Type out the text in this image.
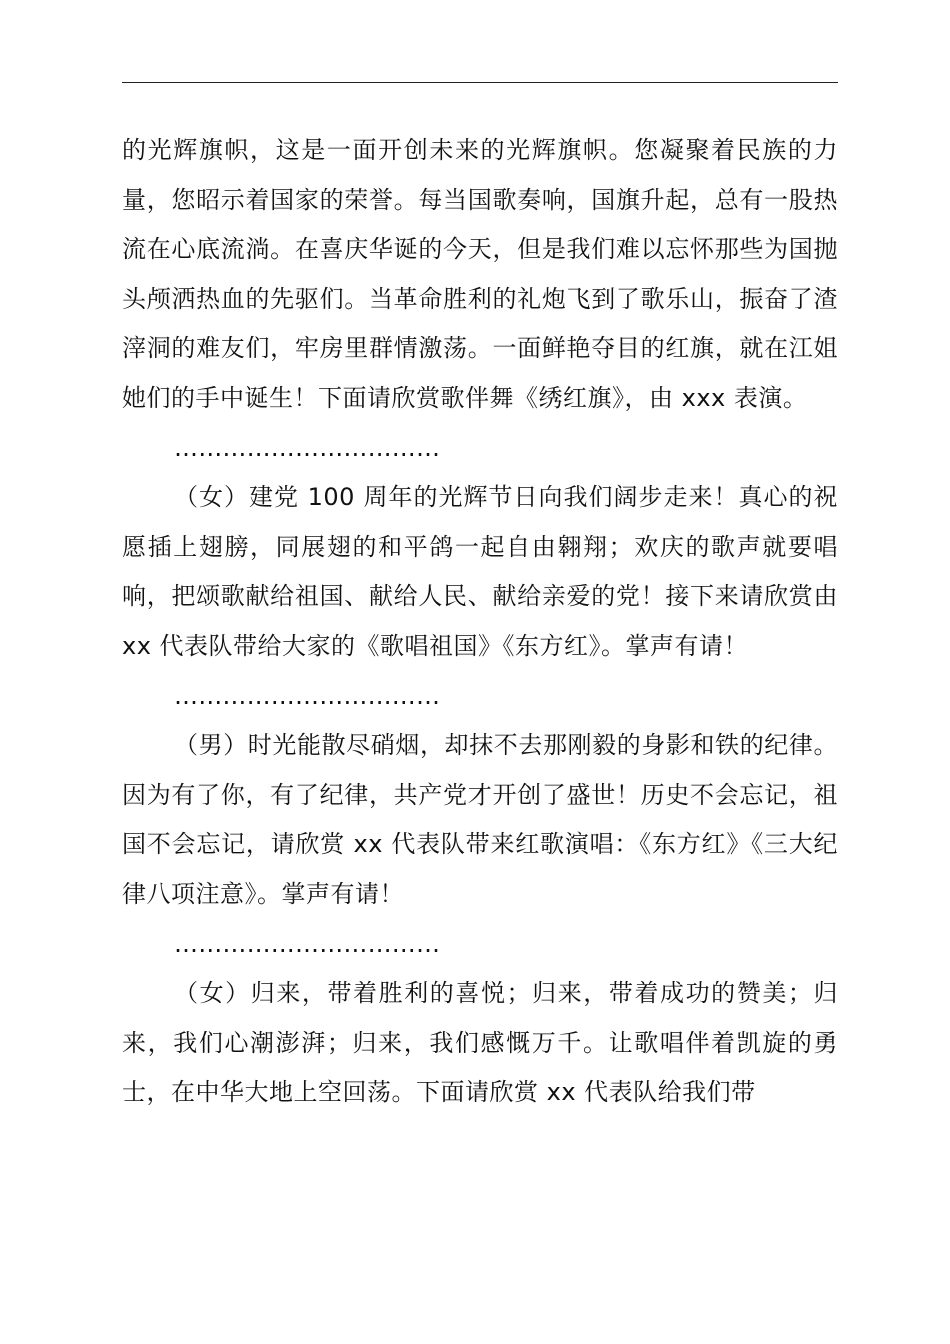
的光辉旗帜，这是一面开创未来的光辉旗帜。您凝聚着民族的力量，您昭示着国家的荣誉。每当国歌奏响，国旗升起，总有一股热流在心底流淌。在喜庆华诞的今天，但是我们难以忘怀那些为国抛头颅洒热血的先驱们。当革命胜利的礼炮飞到了歌乐山，振奋了渣滓洞的难友们，牢房里群情激荡。一面鲜艳夺目的红旗，就在江姐她们的手中诞生！下面请欣赏歌伴舞《绣红旗》，由 xxx 表演。

……………………………

（女）建党 100 周年的光辉节日向我们阔步走来！真心的祝愿插上翅膀，同展翅的和平鸽一起自由翱翔；欢庆的歌声就要唱响，把颂歌献给祖国、献给人民、献给亲爱的党！接下来请欣赏由 xx 代表队带给大家的《歌唱祖国》《东方红》。掌声有请！

……………………………

（男）时光能散尽硝烟，却抹不去那刚毅的身影和铁的纪律。因为有了你，有了纪律，共产党才开创了盛世！历史不会忘记，祖国不会忘记，请欣赏 xx 代表队带来红歌演唱：《东方红》《三大纪律八项注意》。掌声有请！

……………………………

（女）归来，带着胜利的喜悦；归来，带着成功的赞美；归来，我们心潮澎湃；归来，我们感慨万千。让歌唱伴着凯旋的勇士，在中华大地上空回荡。下面请欣赏 xx 代表队给我们带
